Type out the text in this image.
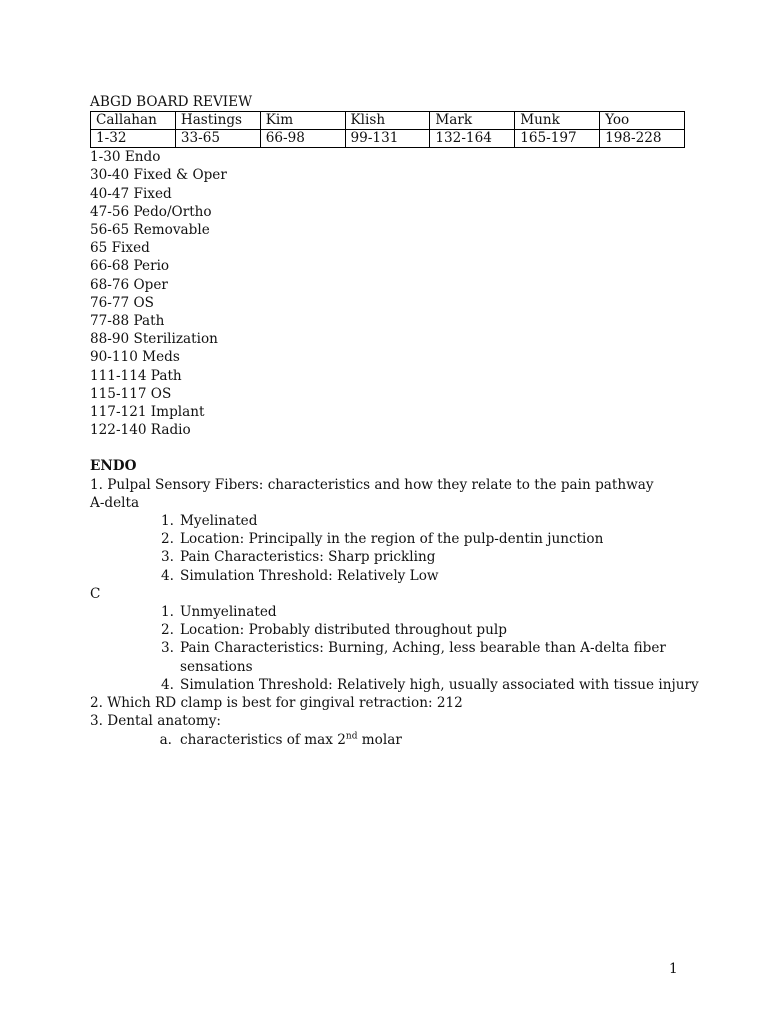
ABGD BOARD REVIEW
Callahan	Hastings	Kim	Klish	Mark	Munk	Yoo
1-32	33-65	66-98	99-131	132-164	165-197	198-228
1-30 Endo
30-40 Fixed & Oper
40-47 Fixed
47-56 Pedo/Ortho
56-65 Removable
65 Fixed
66-68 Perio
68-76 Oper
76-77 OS
77-88 Path
88-90 Sterilization
90-110 Meds
111-114 Path
115-117 OS
117-121 Implant
122-140 Radio
ENDO
1. Pulpal Sensory Fibers: characteristics and how they relate to the pain pathway
A-delta
1. Myelinated
2. Location: Principally in the region of the pulp-dentin junction
3. Pain Characteristics: Sharp prickling
4. Simulation Threshold: Relatively Low
C
1. Unmyelinated
2. Location: Probably distributed throughout pulp
3. Pain Characteristics: Burning, Aching, less bearable than A-delta fiber
sensations
4. Simulation Threshold: Relatively high, usually associated with tissue injury
2. Which RD clamp is best for gingival retraction: 212
3. Dental anatomy:
a. characteristics of max 2nd molar
1
